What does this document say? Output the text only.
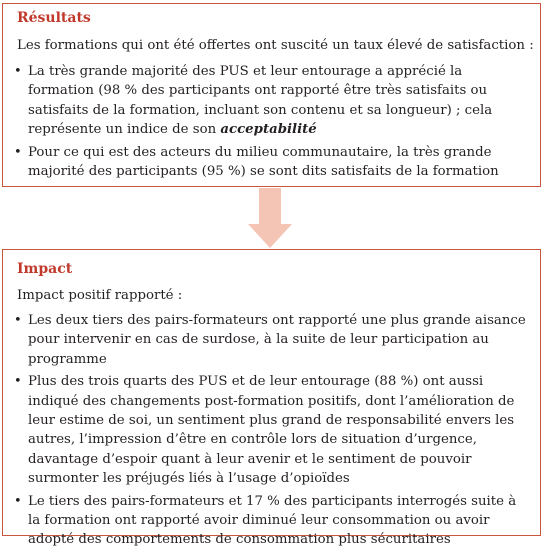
Résultats
Les formations qui ont été offertes ont suscité un taux élevé de satisfaction :
• La très grande majorité des PUS et leur entourage a apprécié la formation (98 % des participants ont rapporté être très satisfaits ou satisfaits de la formation, incluant son contenu et sa longueur) ; cela représente un indice de son acceptabilité
• Pour ce qui est des acteurs du milieu communautaire, la très grande majorité des participants (95 %) se sont dits satisfaits de la formation
Impact
Impact positif rapporté :
• Les deux tiers des pairs-formateurs ont rapporté une plus grande aisance pour intervenir en cas de surdose, à la suite de leur participation au programme
• Plus des trois quarts des PUS et de leur entourage (88 %) ont aussi indiqué des changements post-formation positifs, dont l’amélioration de leur estime de soi, un sentiment plus grand de responsabilité envers les autres, l’impression d’être en contrôle lors de situation d’urgence, davantage d’espoir quant à leur avenir et le sentiment de pouvoir surmonter les préjugés liés à l’usage d’opioïdes
• Le tiers des pairs-formateurs et 17 % des participants interrogés suite à la formation ont rapporté avoir diminué leur consommation ou avoir adopté des comportements de consommation plus sécuritaires
